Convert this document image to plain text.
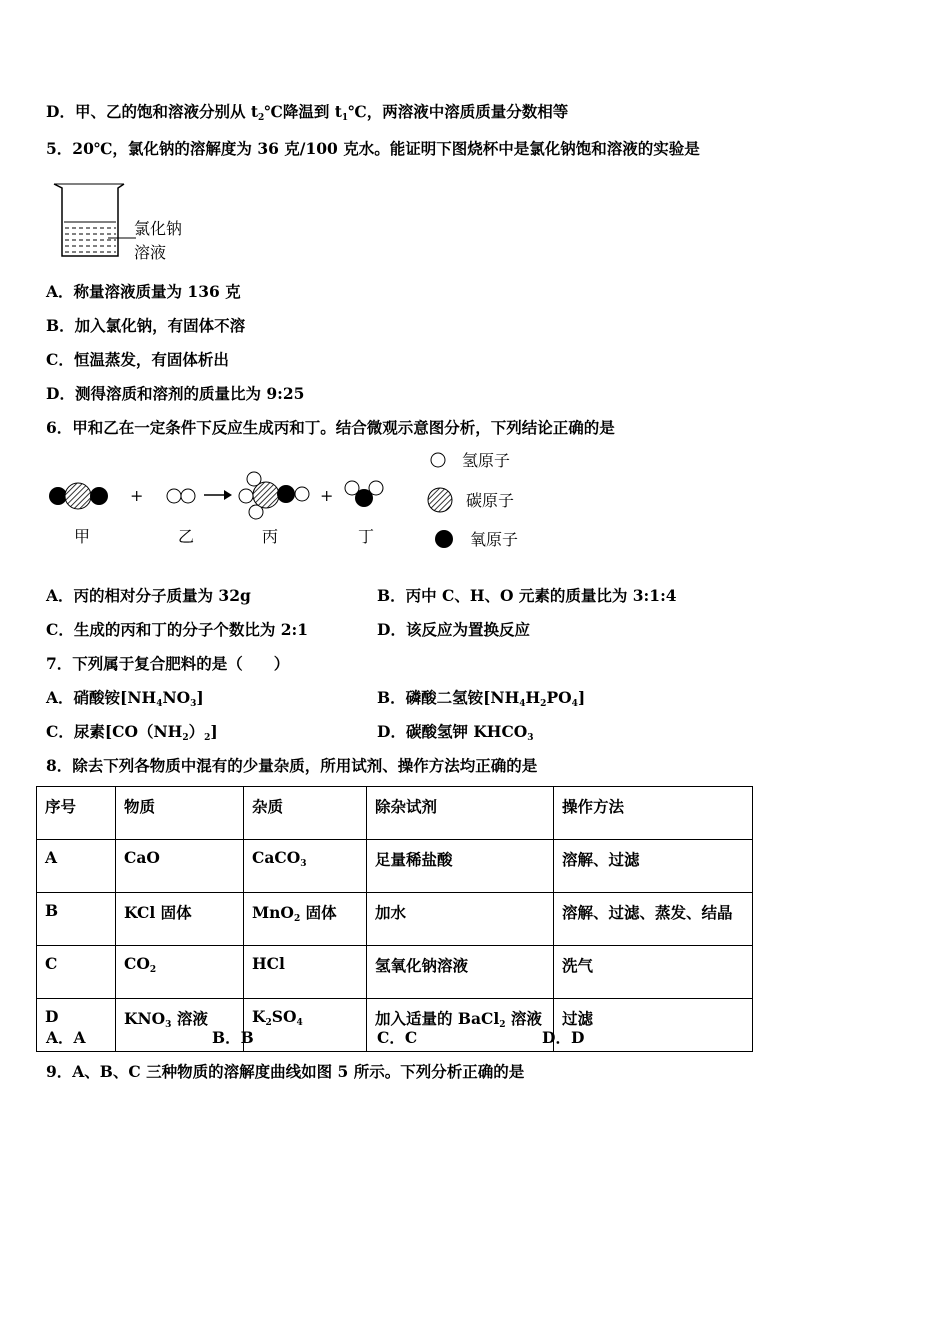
D．甲、乙的饱和溶液分别从 $t_2℃$降温到 $t_1℃$，两溶液中溶质质量分数相等
5．20℃，氯化钠的溶解度为 36 克/100 克水。能证明下图烧杯中是氯化钠饱和溶液的实验是
氯化钠
溶液
A．称量溶液质量为 136 克
B．加入氯化钠，有固体不溶
C．恒温蒸发，有固体析出
D．测得溶质和溶剂的质量比为 9:25
6．甲和乙在一定条件下反应生成丙和丁。结合微观示意图分析，下列结论正确的是
+	+
甲	乙	丙	丁
氢原子
碳原子
氧原子
A．丙的相对分子质量为 32g	B．丙中 C、H、O 元素的质量比为 3:1:4
C．生成的丙和丁的分子个数比为 2:1	D．该反应为置换反应
7．下列属于复合肥料的是（　　）
A．硝酸铵$[NH_4NO_3]$	B．磷酸二氢铵$[NH_4H_2PO_4]$
C．尿素$[CO(NH_2)_2]$	D．碳酸氢钾 $KHCO_3$
8．除去下列各物质中混有的少量杂质，所用试剂、操作方法均正确的是
序号	物质	杂质	除杂试剂	操作方法
A	CaO	CaCO$_3$	足量稀盐酸	溶解、过滤
B	KCl 固体	MnO$_2$ 固体	加水	溶解、过滤、蒸发、结晶
C	$CO_2$	HCl	氢氧化钠溶液	洗气
D	$KNO_3$ 溶液	$K_2SO_4$	加入适量的 BaCl$_2$ 溶液	过滤
A．A	B．B	C．C	D．D
9．A、B、C 三种物质的溶解度曲线如图 5 所示。下列分析正确的是
